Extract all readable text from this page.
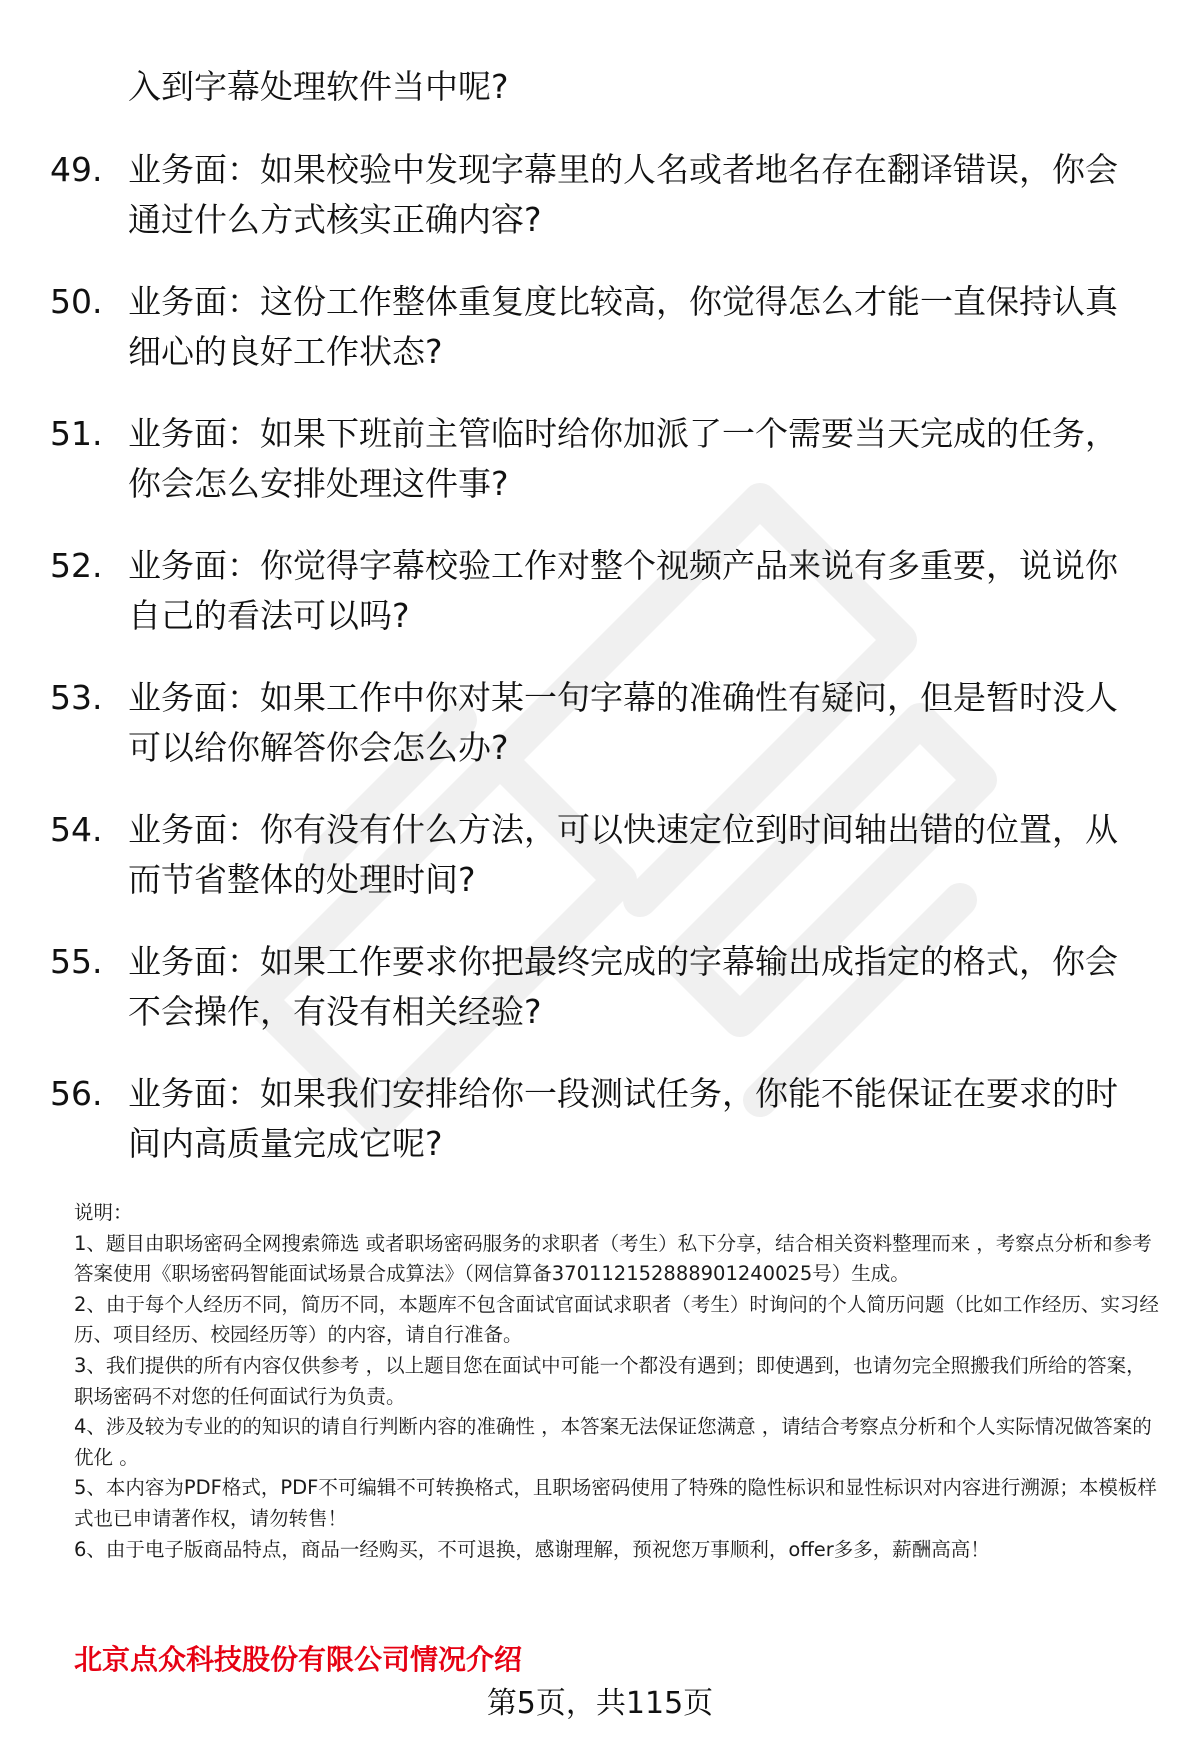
入到字幕处理软件当中呢?
49. 业务面：如果校验中发现字幕里的人名或者地名存在翻译错误，你会通过什么方式核实正确内容?
50. 业务面：这份工作整体重复度比较高，你觉得怎么才能一直保持认真细心的良好工作状态?
51. 业务面：如果下班前主管临时给你加派了一个需要当天完成的任务，你会怎么安排处理这件事?
52. 业务面：你觉得字幕校验工作对整个视频产品来说有多重要，说说你自己的看法可以吗?
53. 业务面：如果工作中你对某一句字幕的准确性有疑问，但是暂时没人可以给你解答你会怎么办?
54. 业务面：你有没有什么方法，可以快速定位到时间轴出错的位置，从而节省整体的处理时间?
55. 业务面：如果工作要求你把最终完成的字幕输出成指定的格式，你会不会操作，有没有相关经验?
56. 业务面：如果我们安排给你一段测试任务，你能不能保证在要求的时间内高质量完成它呢?

说明：

1、题目由职场密码全网搜索筛选 或者职场密码服务的求职者（考生）私下分享，结合相关资料整理而来 ，考察点分析和参考答案使用《职场密码智能面试场景合成算法》（网信算备370112152888901240025号）生成。

2、由于每个人经历不同，简历不同，本题库不包含面试官面试求职者（考生）时询问的个人简历问题（比如工作经历、实习经历、项目经历、校园经历等）的内容，请自行准备。

3、我们提供的所有内容仅供参考 ，以上题目您在面试中可能一个都没有遇到；即使遇到，也请勿完全照搬我们所给的答案，职场密码不对您的任何面试行为负责。

4、涉及较为专业的的知识的请自行判断内容的准确性 ，本答案无法保证您满意 ，请结合考察点分析和个人实际情况做答案的优化 。

5、本内容为PDF格式，PDF不可编辑不可转换格式，且职场密码使用了特殊的隐性标识和显性标识对内容进行溯源；本模板样式也已申请著作权，请勿转售！

6、由于电子版商品特点，商品一经购买，不可退换，感谢理解，预祝您万事顺利，offer多多，薪酬高高！

北京点众科技股份有限公司情况介绍
第5页，共115页
